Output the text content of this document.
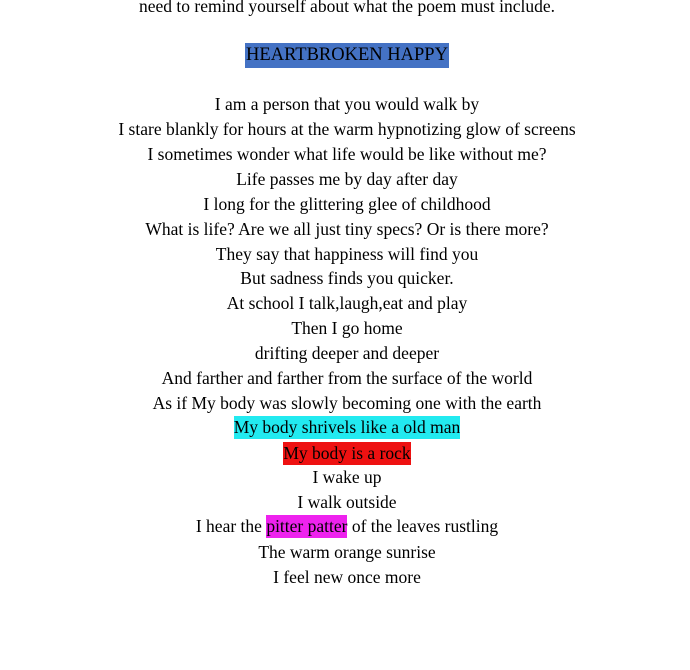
need to remind yourself about what the poem must include.
HEARTBROKEN HAPPY
I am a person that you would walk by
I stare blankly for hours at the warm hypnotizing glow of screens
I sometimes wonder what life would be like without me?
Life passes me by day after day
I long for the glittering glee of childhood
What is life? Are we all just tiny specs? Or is there more?
They say that happiness will find you
But sadness finds you quicker.
At school I talk,laugh,eat and play
Then I go home
drifting deeper and deeper
And farther and farther from the surface of the world
As if My body was slowly becoming one with the earth
My body shrivels like a old man
My body is a rock
I wake up
I walk outside
I hear the pitter patter of the leaves rustling
The warm orange sunrise
I feel new once more
